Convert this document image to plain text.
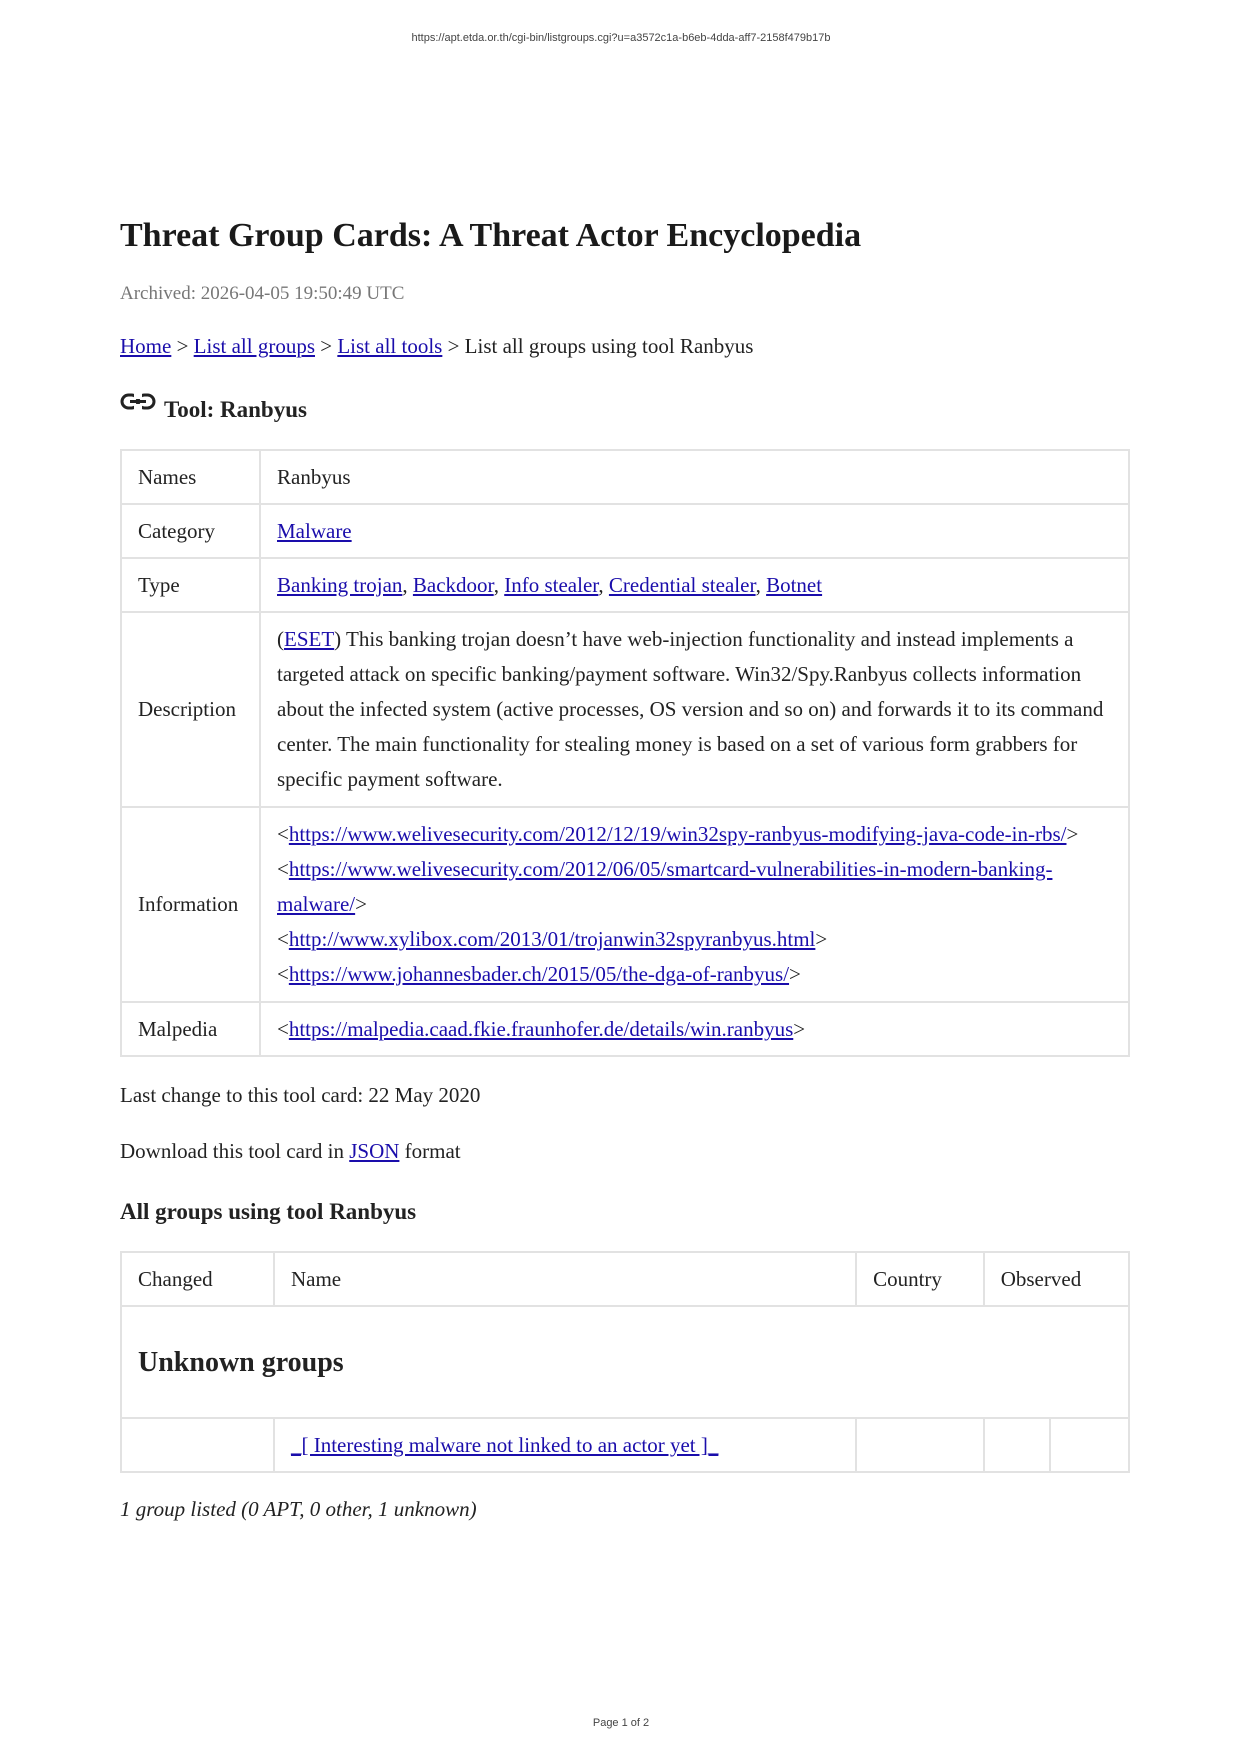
https://apt.etda.or.th/cgi-bin/listgroups.cgi?u=a3572c1a-b6eb-4dda-aff7-2158f479b17b
Threat Group Cards: A Threat Actor Encyclopedia
Archived: 2026-04-05 19:50:49 UTC
Home > List all groups > List all tools > List all groups using tool Ranbyus
Tool: Ranbyus
Names	Ranbyus
Category	Malware
Type	Banking trojan, Backdoor, Info stealer, Credential stealer, Botnet
Description	(ESET) This banking trojan doesn’t have web-injection functionality and instead implements a targeted attack on specific banking/payment software. Win32/Spy.Ranbyus collects information about the infected system (active processes, OS version and so on) and forwards it to its command center. The main functionality for stealing money is based on a set of various form grabbers for specific payment software.
Information	<https://www.welivesecurity.com/2012/12/19/win32spy-ranbyus-modifying-java-code-in-rbs/>
<https://www.welivesecurity.com/2012/06/05/smartcard-vulnerabilities-in-modern-banking-malware/>
<http://www.xylibox.com/2013/01/trojanwin32spyranbyus.html>
<https://www.johannesbader.ch/2015/05/the-dga-of-ranbyus/>

Malpedia	<https://malpedia.caad.fkie.fraunhofer.de/details/win.ranbyus>
Last change to this tool card: 22 May 2020
Download this tool card in JSON format
All groups using tool Ranbyus
Changed	Name	Country	Observed	
Unknown groups				
	_[ Interesting malware not linked to an actor yet ]_			
1 group listed (0 APT, 0 other, 1 unknown)
Page 1 of 2
